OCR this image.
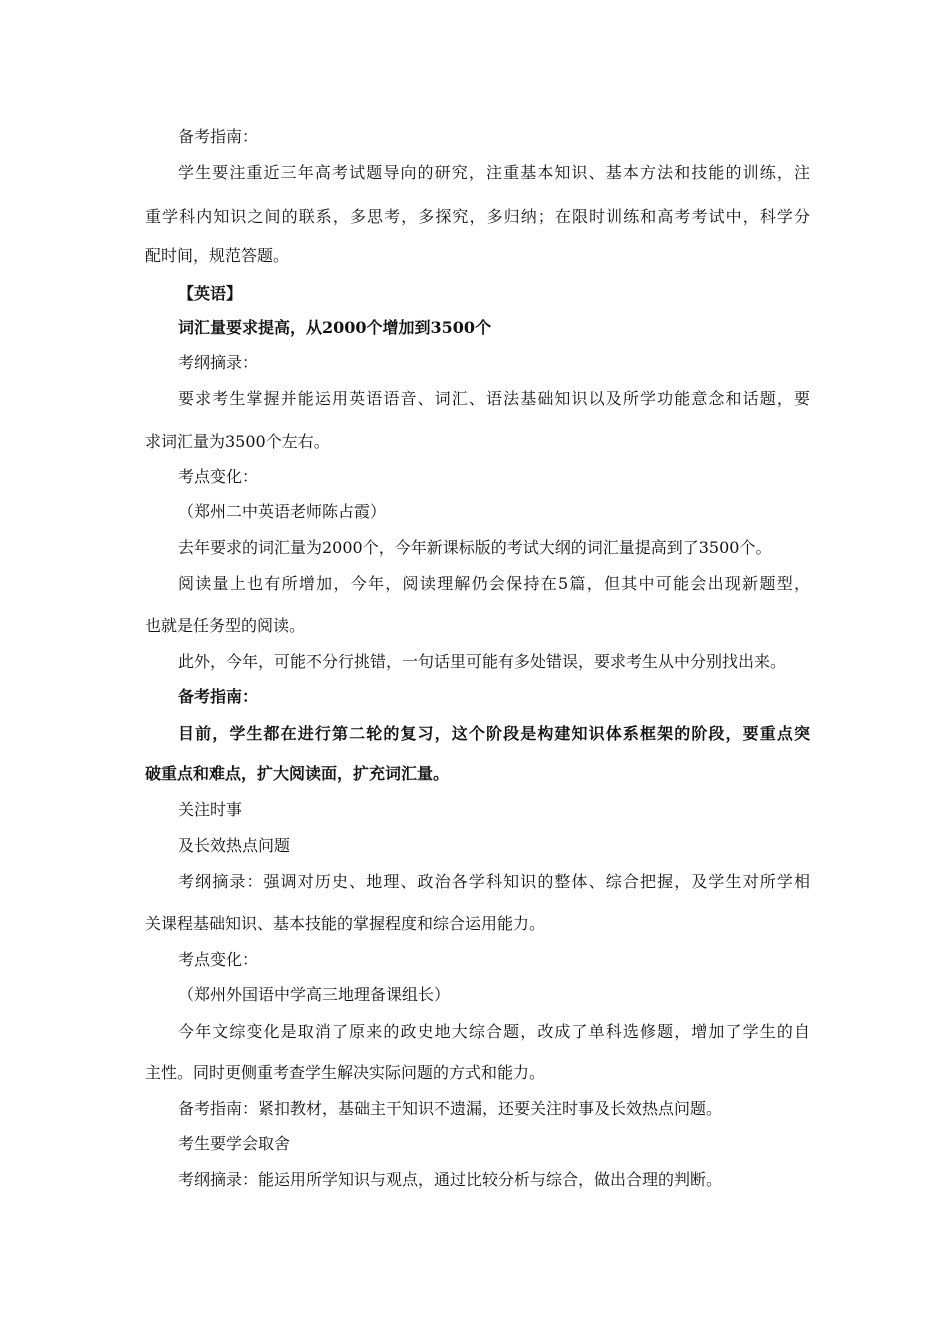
备考指南：
学生要注重近三年高考试题导向的研究，注重基本知识、基本方法和技能的训练，注
重学科内知识之间的联系，多思考，多探究，多归纳；在限时训练和高考考试中，科学分
配时间，规范答题。
【英语】
词汇量要求提高，从2000个增加到3500个
考纲摘录：
要求考生掌握并能运用英语语音、词汇、语法基础知识以及所学功能意念和话题，要
求词汇量为3500个左右。
考点变化：
（郑州二中英语老师陈占霞）
去年要求的词汇量为2000个，今年新课标版的考试大纲的词汇量提高到了3500个。
阅读量上也有所增加，今年，阅读理解仍会保持在5篇，但其中可能会出现新题型，
也就是任务型的阅读。
此外，今年，可能不分行挑错，一句话里可能有多处错误，要求考生从中分别找出来。
备考指南：
目前，学生都在进行第二轮的复习，这个阶段是构建知识体系框架的阶段，要重点突
破重点和难点，扩大阅读面，扩充词汇量。
关注时事
及长效热点问题
考纲摘录：强调对历史、地理、政治各学科知识的整体、综合把握，及学生对所学相
关课程基础知识、基本技能的掌握程度和综合运用能力。
考点变化：
（郑州外国语中学高三地理备课组长）
今年文综变化是取消了原来的政史地大综合题，改成了单科选修题，增加了学生的自
主性。同时更侧重考查学生解决实际问题的方式和能力。
备考指南：紧扣教材，基础主干知识不遗漏，还要关注时事及长效热点问题。
考生要学会取舍
考纲摘录：能运用所学知识与观点，通过比较分析与综合，做出合理的判断。
